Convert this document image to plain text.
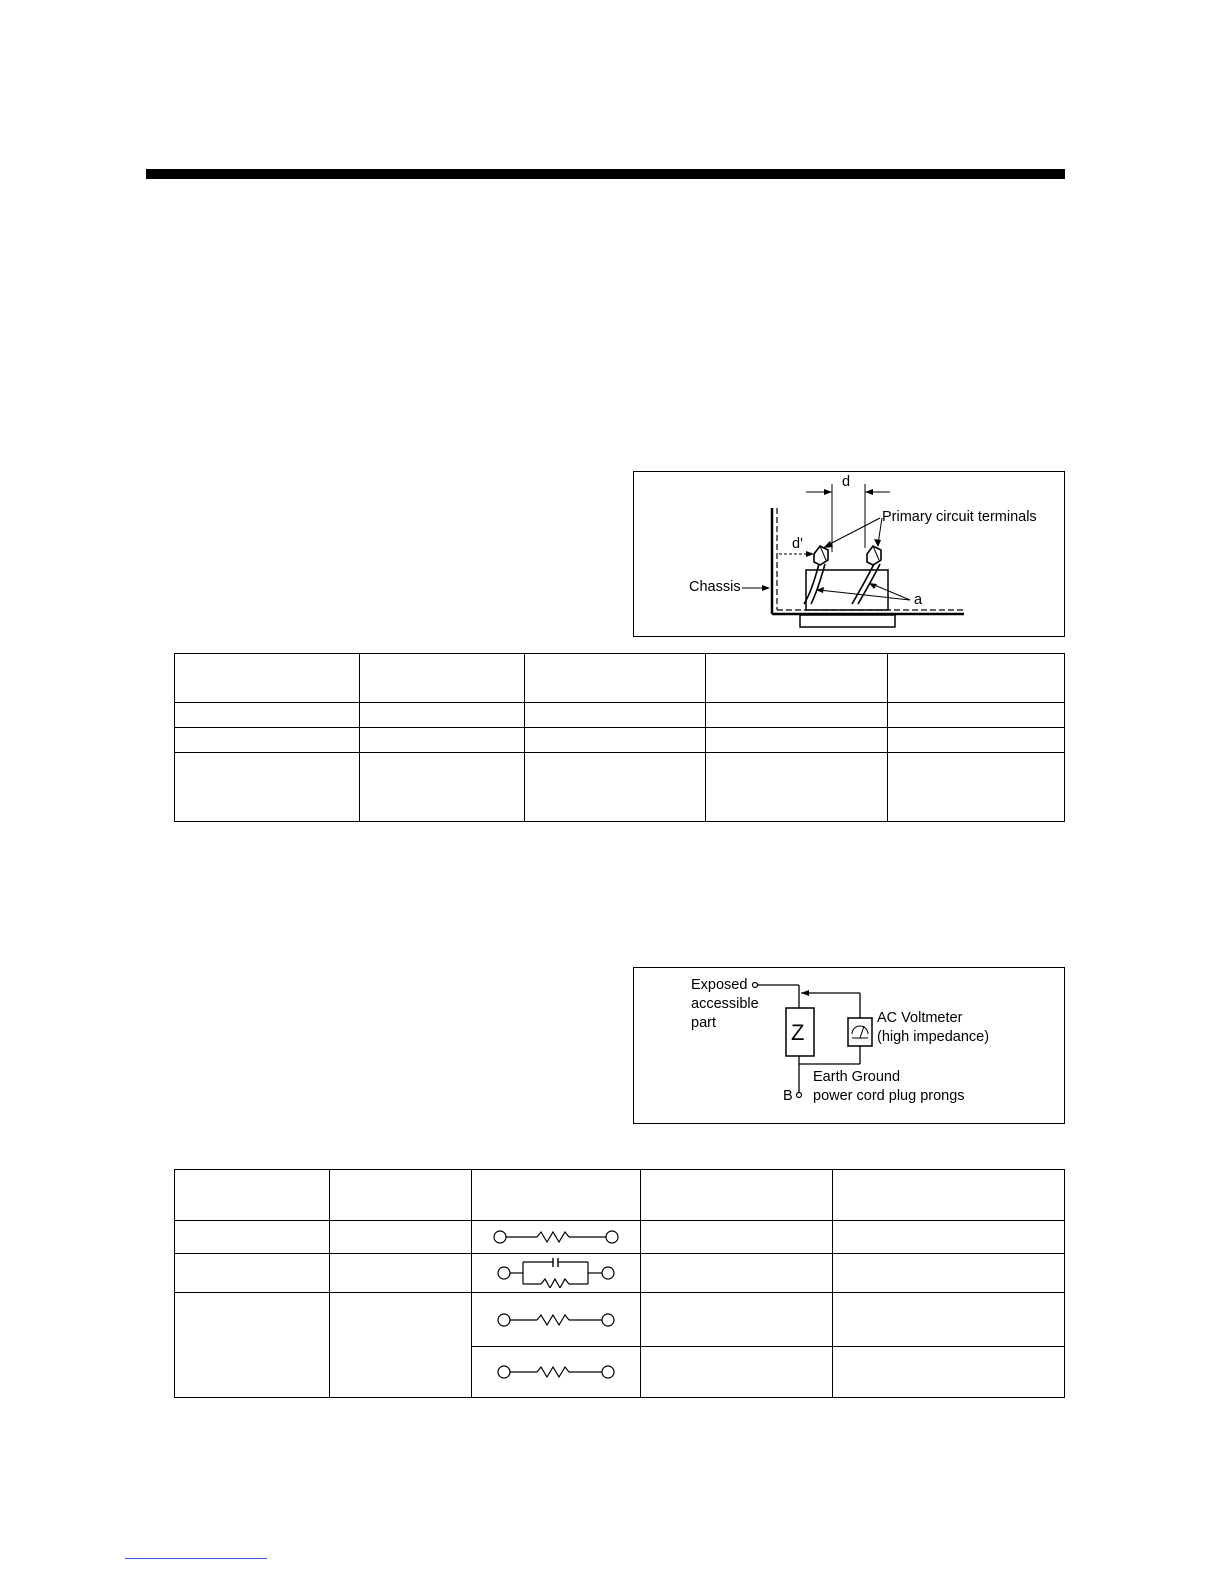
d
d'
Primary circuit terminals
Chassis
a

Exposed
accessible
part	Z
AC Voltmeter
(high impedance)
Earth Ground
power cord plug prongs
B
